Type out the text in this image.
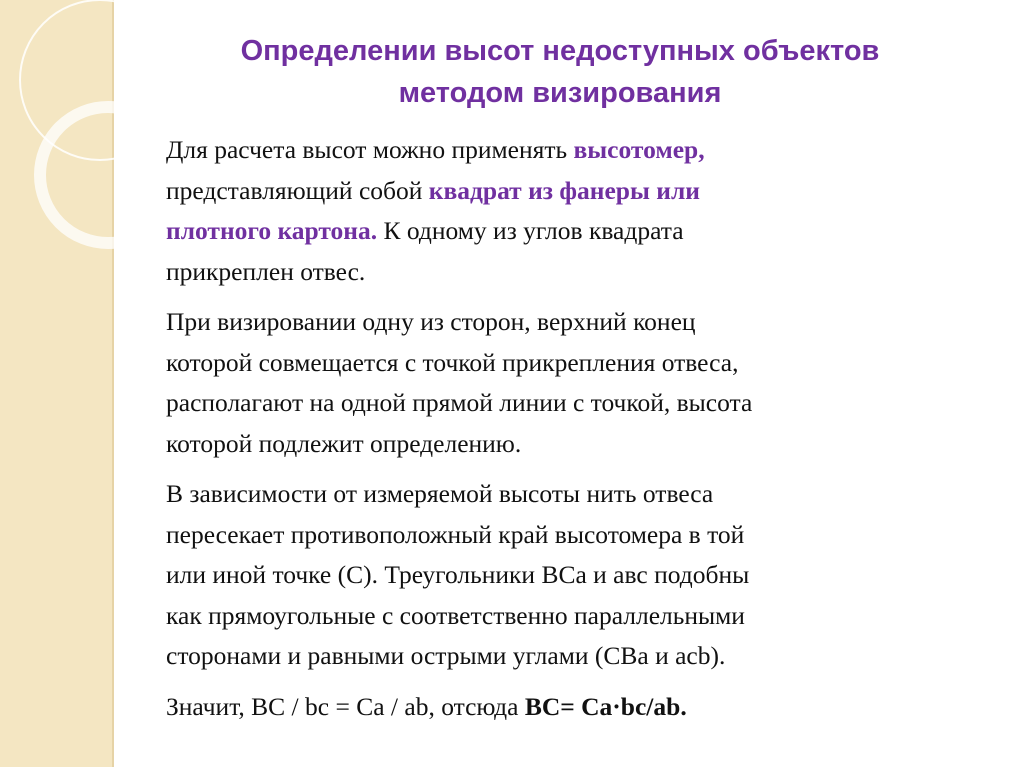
Определении высот недоступных объектов
методом визирования
Для расчета высот можно применять высотомер,
представляющий собой квадрат из фанеры или
плотного картона. К одному из углов квадрата
прикреплен отвес.
При визировании одну из сторон, верхний конец
которой совмещается с точкой прикрепления отвеса,
располагают на одной прямой линии с точкой, высота
которой подлежит определению.
В зависимости от измеряемой высоты нить отвеса
пересекает противоположный край высотомера в той
или иной точке (С). Треугольники ВСа и авс подобны
как прямоугольные с соответственно параллельными
сторонами и равными острыми углами (СВа и acb).
Значит, ВС / bc = Са / ab, отсюда ВС= Са·bc/ab.
